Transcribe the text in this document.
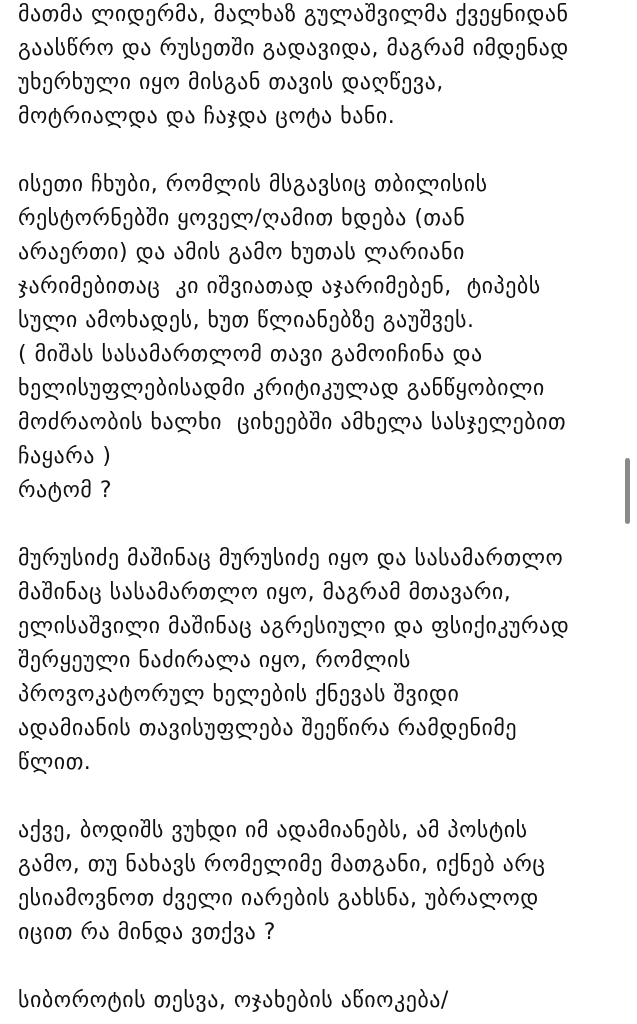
მათმა ლიდერმა, მალხაზ გულაშვილმა ქვეყნიდან
გაასწრო და რუსეთში გადავიდა, მაგრამ იმდენად
უხერხული იყო მისგან თავის დაღწევა,
მოტრიალდა და ჩაჯდა ცოტა ხანი.
ისეთი ჩხუბი, რომლის მსგავსიც თბილისის
რესტორნებში ყოველ/ღამით ხდება (თან
არაერთი) და ამის გამო ხუთას ლარიანი
ჯარიმებითაც  კი იშვიათად აჯარიმებენ,  ტიპებს
სული ამოხადეს, ხუთ წლიანებზე გაუშვეს.
( მიშას სასამართლომ თავი გამოიჩინა და
ხელისუფლებისადმი კრიტიკულად განწყობილი
მოძრაობის ხალხი  ციხეებში ამხელა სასჯელებით
ჩაყარა )
რატომ ?
მურუსიძე მაშინაც მურუსიძე იყო და სასამართლო
მაშინაც სასამართლო იყო, მაგრამ მთავარი,
ელისაშვილი მაშინაც აგრესიული და ფსიქიკურად
შერყეული ნაძირალა იყო, რომლის
პროვოკატორულ ხელების ქნევას შვიდი
ადამიანის თავისუფლება შეეწირა რამდენიმე
წლით.
აქვე, ბოდიშს ვუხდი იმ ადამიანებს, ამ პოსტის
გამო, თუ ნახავს რომელიმე მათგანი, იქნებ არც
ესიამოვნოთ ძველი იარების გახსნა, უბრალოდ
იცით რა მინდა ვთქვა ?
სიბოროტის თესვა, ოჯახების აწიოკება/
